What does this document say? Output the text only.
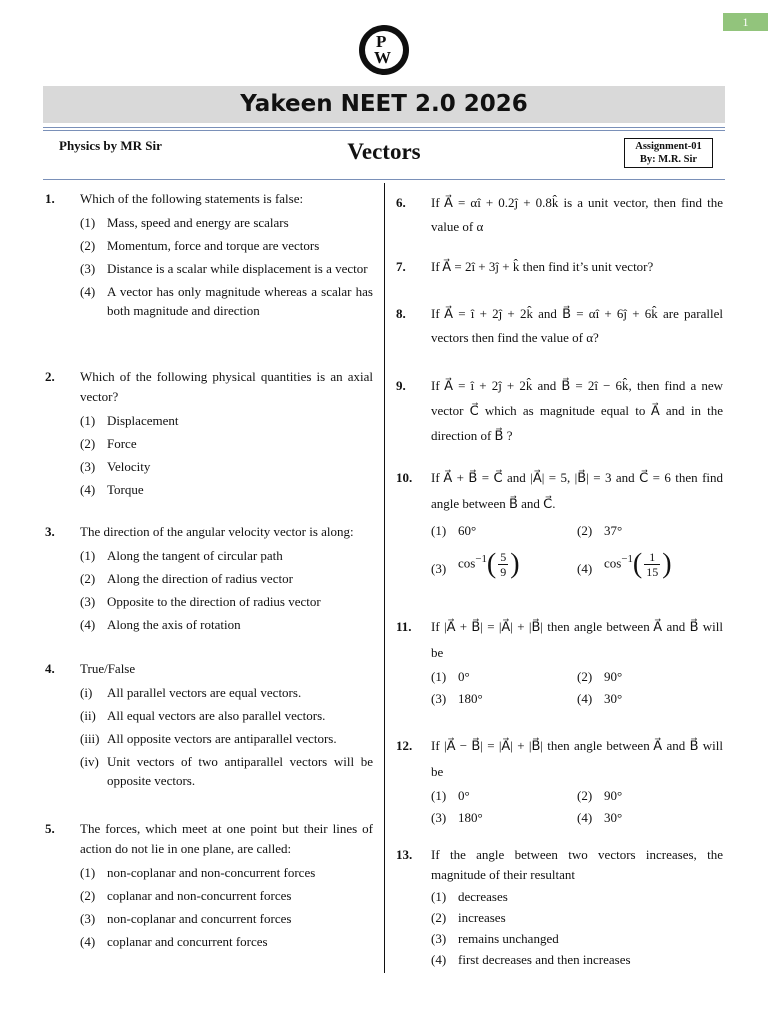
1
P
W
Yakeen NEET 2.0 2026
Physics by MR Sir	Vectors	Assignment-01
By: M.R. Sir
1. Which of the following statements is false:
(1) Mass, speed and energy are scalars
(2) Momentum, force and torque are vectors
(3) Distance is a scalar while displacement is a vector
(4) A vector has only magnitude whereas a scalar has both magnitude and direction
2. Which of the following physical quantities is an axial vector?
(1) Displacement
(2) Force
(3) Velocity
(4) Torque
3. The direction of the angular velocity vector is along:
(1) Along the tangent of circular path
(2) Along the direction of radius vector
(3) Opposite to the direction of radius vector
(4) Along the axis of rotation
4. True/False
(i) All parallel vectors are equal vectors.
(ii) All equal vectors are also parallel vectors.
(iii) All opposite vectors are antiparallel vectors.
(iv) Unit vectors of two antiparallel vectors will be opposite vectors.
5. The forces, which meet at one point but their lines of action do not lie in one plane, are called:
(1) non-coplanar and non-concurrent forces
(2) coplanar and non-concurrent forces
(3) non-coplanar and concurrent forces
(4) coplanar and concurrent forces
6. If A⃗ = αî + 0.2ĵ + 0.8k̂ is a unit vector, then find the value of α
7. If A⃗ = 2î + 3ĵ + k̂ then find it’s unit vector?
8. If A⃗ = î + 2ĵ + 2k̂ and B⃗ = αî + 6ĵ + 6k̂ are parallel vectors then find the value of α?
9. If A⃗ = î + 2ĵ + 2k̂ and B⃗ = 2î − 6k̂, then find a new vector C⃗ which as magnitude equal to A⃗ and in the direction of B⃗ ?
10. If A⃗ + B⃗ = C⃗ and |A⃗| = 5, |B⃗| = 3 and C⃗ = 6 then find angle between B⃗ and C⃗.
(1) 60°	(2) 37°
(3) $\cos^{-1}( \frac{5}{9}$ )	(4) $\cos^{-1}( \frac{1}{15}$ )
11. If |A⃗ + B⃗| = |A⃗| + |B⃗| then angle between A⃗ and B⃗ will be
(1) 0°	(2) 90°
(3) 180°	(4) 30°
12. If |A⃗ − B⃗| = |A⃗| + |B⃗| then angle between A⃗ and B⃗ will be
(1) 0°	(2) 90°
(3) 180°	(4) 30°
13. If the angle between two vectors increases, the magnitude of their resultant
(1) decreases
(2) increases
(3) remains unchanged
(4) first decreases and then increases
